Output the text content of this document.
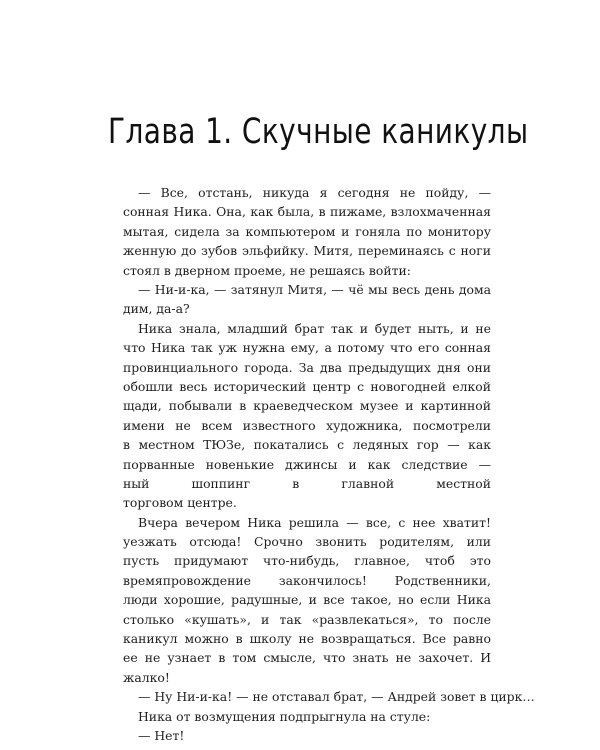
Глава 1. Скучные каникулы
— Все, отстань, никуда я сегодня не пойду, —
сонная Ника. Она, как была, в пижаме, взлохмаченная
мытая, сидела за компьютером и гоняла по монитору
женную до зубов эльфийку. Митя, переминаясь с ноги
стоял в дверном проеме, не решаясь войти:
— Ни-и-ка, — затянул Митя, — чё мы весь день дома
дим, да-а?
Ника знала, младший брат так и будет ныть, и не
что Ника так уж нужна ему, а потому что его сонная
провинциального города. За два предыдущих дня они
обошли весь исторический центр с новогодней елкой
щади, побывали в краеведческом музее и картинной
имени не всем известного художника, посмотрели
в местном ТЮЗе, покатались с ледяных гор — как
порванные новенькие джинсы и как следствие —
ный шоппинг в главной местной
торговом центре.
Вчера вечером Ника решила — все, с нее хватит!
уезжать отсюда! Срочно звонить родителям, или
пусть придумают что-нибудь, главное, чтоб это
времяпровождение закончилось! Родственники,
люди хорошие, радушные, и все такое, но если Ника
столько «кушать», и так «развлекаться», то после
каникул можно в школу не возвращаться. Все равно
ее не узнает в том смысле, что знать не захочет. И
жалко!
— Ну Ни-и-ка! — не отставал брат, — Андрей зовет в цирк…
Ника от возмущения подпрыгнула на стуле:
— Нет!
